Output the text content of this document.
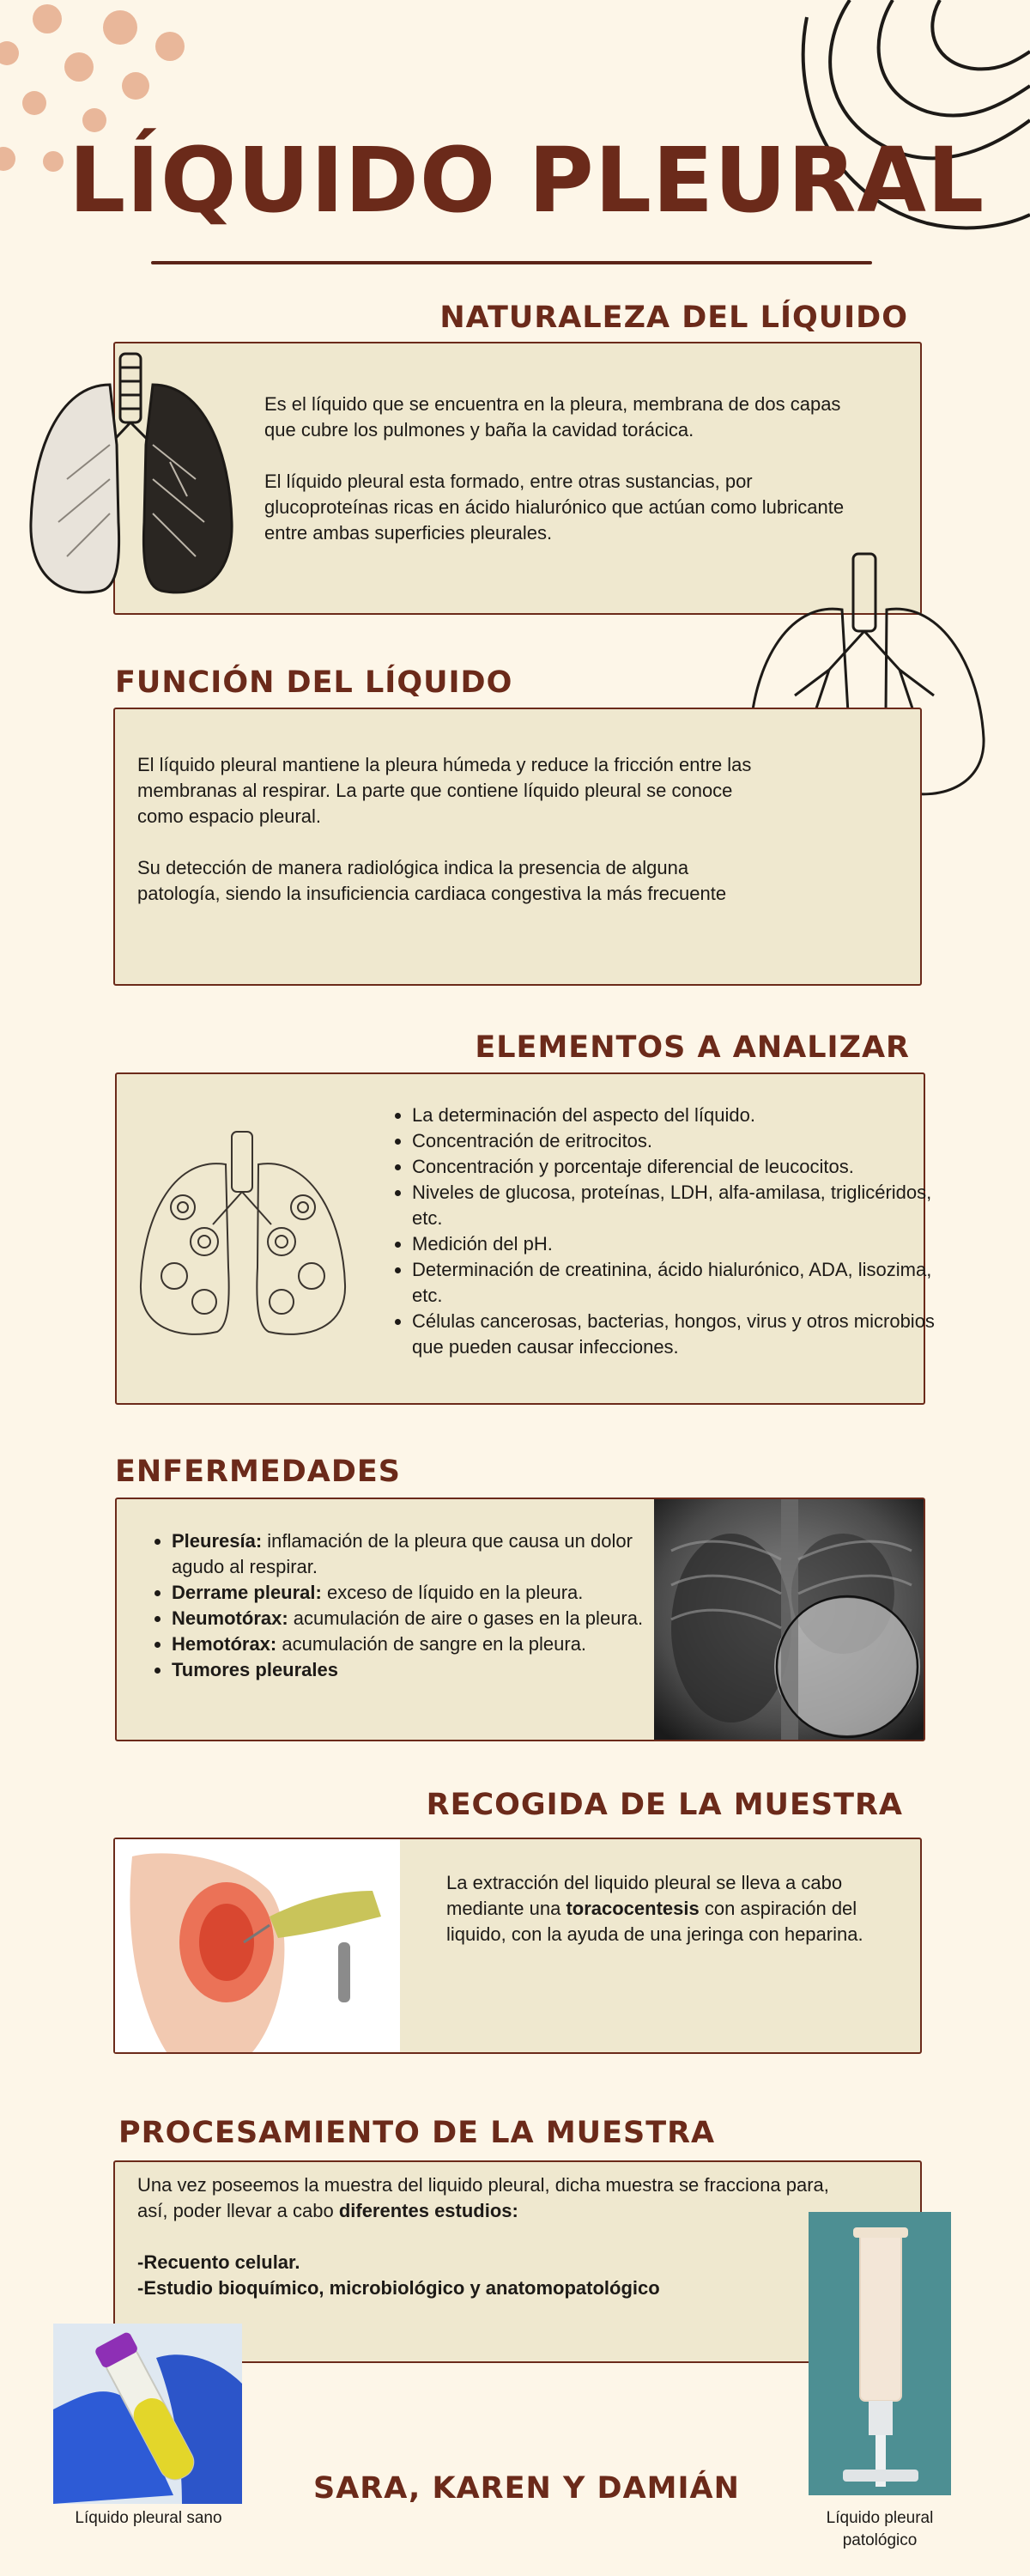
LÍQUIDO PLEURAL
NATURALEZA DEL LÍQUIDO
Es el líquido que se encuentra en la pleura, membrana de dos capas que cubre los pulmones y baña la cavidad torácica.
El líquido pleural esta formado, entre otras sustancias, por glucoproteínas ricas en ácido hialurónico que actúan como lubricante entre ambas superficies pleurales.
FUNCIÓN DEL LÍQUIDO
El líquido pleural mantiene la pleura húmeda y reduce la fricción entre las membranas al respirar. La parte que contiene líquido pleural se conoce como espacio pleural.
Su detección de manera radiológica indica la presencia de alguna patología, siendo la insuficiencia cardiaca congestiva la más frecuente
ELEMENTOS A ANALIZAR
• La determinación del aspecto del líquido.
• Concentración de eritrocitos.
• Concentración y porcentaje diferencial de leucocitos.
• Niveles de glucosa, proteínas, LDH, alfa-amilasa, triglicéridos, etc.
• Medición del pH.
• Determinación de creatinina, ácido hialurónico, ADA, lisozima, etc.
• Células cancerosas, bacterias, hongos, virus y otros microbios que pueden causar infecciones.
ENFERMEDADES
• Pleuresía: inflamación de la pleura que causa un dolor agudo al respirar.
• Derrame pleural: exceso de líquido en la pleura.
• Neumotórax: acumulación de aire o gases en la pleura.
• Hemotórax: acumulación de sangre en la pleura.
• Tumores pleurales
RECOGIDA DE LA MUESTRA
La extracción del liquido pleural se lleva a cabo mediante una toracocentesis con aspiración del liquido, con la ayuda de una jeringa con heparina.
PROCESAMIENTO DE LA MUESTRA
Una vez poseemos la muestra del liquido pleural, dicha muestra se fracciona para, así, poder llevar a cabo diferentes estudios:
-Recuento celular.
-Estudio bioquímico, microbiológico y anatomopatológico
Líquido pleural sano	Líquido pleural patológico
SARA, KAREN Y DAMIÁN
